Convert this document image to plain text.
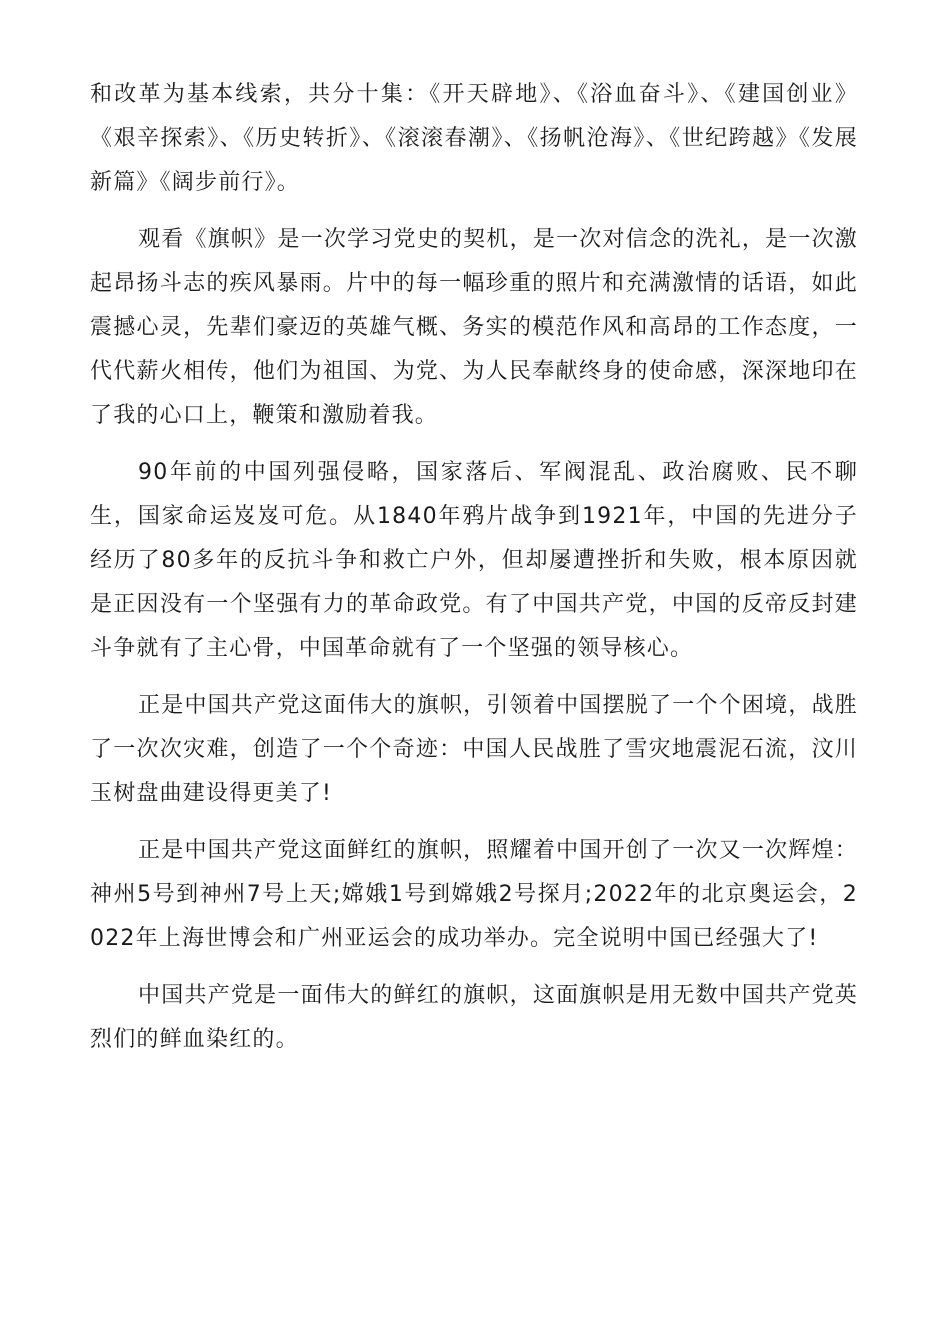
和改革为基本线索，共分十集：《开天辟地》、《浴血奋斗》、《建国创业》《艰辛探索》、《历史转折》、《滚滚春潮》、《扬帆沧海》、《世纪跨越》《发展新篇》《阔步前行》。

观看《旗帜》是一次学习党史的契机，是一次对信念的洗礼，是一次激起昂扬斗志的疾风暴雨。片中的每一幅珍重的照片和充满激情的话语，如此震撼心灵，先辈们豪迈的英雄气概、务实的模范作风和高昂的工作态度，一代代薪火相传，他们为祖国、为党、为人民奉献终身的使命感，深深地印在了我的心口上，鞭策和激励着我。

90年前的中国列强侵略，国家落后、军阀混乱、政治腐败、民不聊生，国家命运岌岌可危。从1840年鸦片战争到1921年，中国的先进分子经历了80多年的反抗斗争和救亡户外，但却屡遭挫折和失败，根本原因就是正因没有一个坚强有力的革命政党。有了中国共产党，中国的反帝反封建斗争就有了主心骨，中国革命就有了一个坚强的领导核心。

正是中国共产党这面伟大的旗帜，引领着中国摆脱了一个个困境，战胜了一次次灾难，创造了一个个奇迹：中国人民战胜了雪灾地震泥石流，汶川玉树盘曲建设得更美了!

正是中国共产党这面鲜红的旗帜，照耀着中国开创了一次又一次辉煌：神州5号到神州7号上天;嫦娥1号到嫦娥2号探月;2022年的北京奥运会，2022年上海世博会和广州亚运会的成功举办。完全说明中国已经强大了!

中国共产党是一面伟大的鲜红的旗帜，这面旗帜是用无数中国共产党英烈们的鲜血染红的。
